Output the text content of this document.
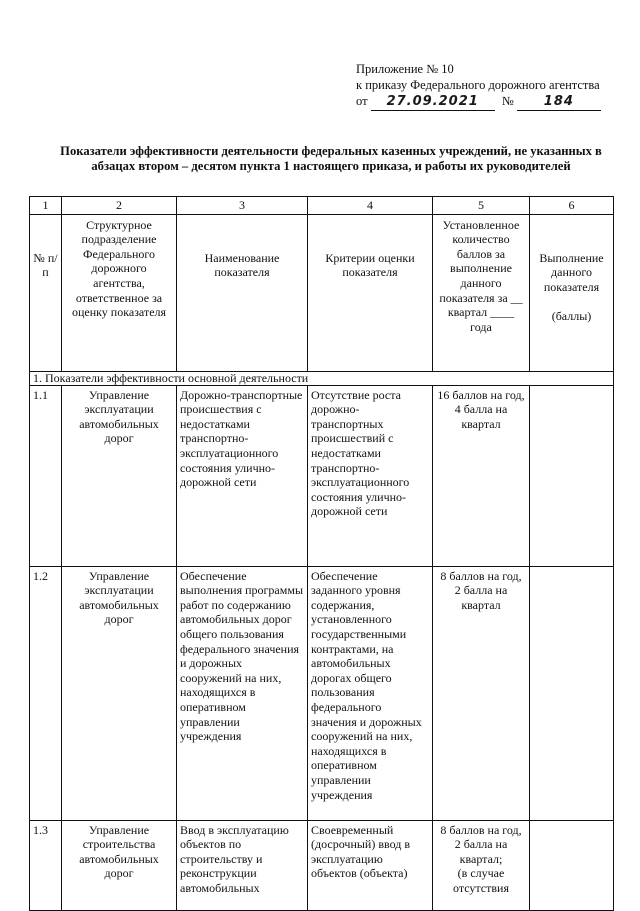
Приложение № 10
к приказу Федерального дорожного агентства
от 27.09.2021 № 184
Показатели эффективности деятельности федеральных казенных учреждений, не указанных в абзацах втором – десятом пункта 1 настоящего приказа, и работы их руководителей
1	2	3	4	5	6
№ п/п	Структурное подразделение Федерального дорожного агентства, ответственное за оценку показателя	Наименование показателя	Критерии оценки показателя	Установленное количество баллов за выполнение данного показателя за __ квартал ____ года	Выполнение данного показателя

(баллы)
1. Показатели эффективности основной деятельности					
1.1	Управление эксплуатации автомобильных дорог	Дорожно-транспортные происшествия с недостатками транспортно-эксплуатационного состояния улично-дорожной сети	Отсутствие роста дорожно-транспортных происшествий с недостатками транспортно-эксплуатационного состояния улично-дорожной сети	16 баллов на год,
4 балла на квартал	
1.2	Управление эксплуатации автомобильных дорог	Обеспечение выполнения программы работ по содержанию автомобильных дорог общего пользования федерального значения и дорожных сооружений на них, находящихся в оперативном управлении учреждения	Обеспечение заданного уровня содержания, установленного государственными контрактами, на автомобильных дорогах общего пользования федерального значения и дорожных сооружений на них, находящихся в оперативном управлении учреждения	8 баллов на год,
2 балла на квартал	
1.3	Управление строительства автомобильных дорог	Ввод в эксплуатацию объектов по строительству и реконструкции автомобильных	Своевременный (досрочный) ввод в эксплуатацию объектов (объекта)	8 баллов на год,
2 балла на квартал;
(в случае отсутствия	
